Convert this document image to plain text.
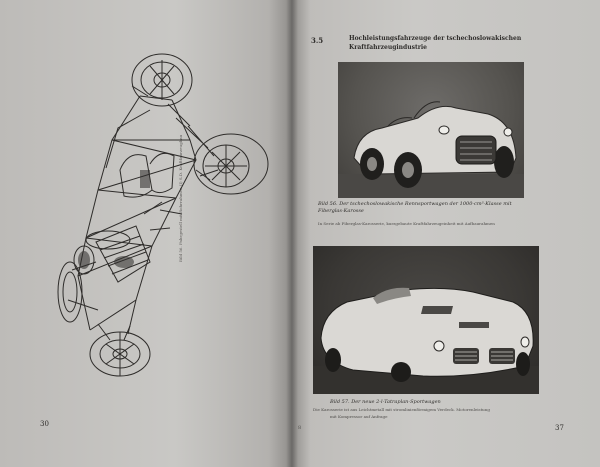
Bild 56. Fahrgestell mit Rohrrahmen (I) S.D. Kraftfahrzeugbau
30
3.5	Hochleistungsfahrzeuge der tschechoslowakischen
Kraftfahrzeugindustrie
Bild 56. Der tschechoslowakische Rennsportwagen der 1000-cm³-Klasse mit Fiberglas-Karosse
In Serie ab Fiberglas-Karosserie, kurzgebaute Kraftfahrzeugeinheit mit Aufbaurahmen
Bild 57. Der neue 2-l-Tatraplan-Sportwagen
Die Karosserie ist aus Leichtmetall mit stromlinienförmigem Verdeck. Motorenleistung
mit Kompressor auf Anfrage
8	37
